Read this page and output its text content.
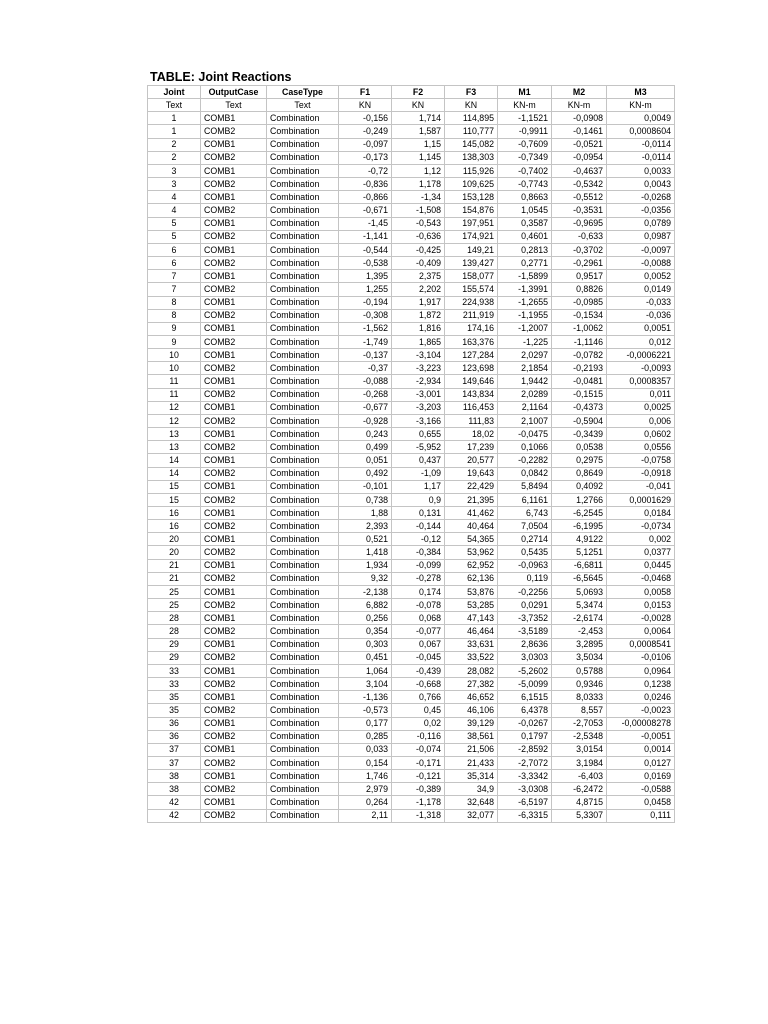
TABLE: Joint Reactions
Joint	OutputCase	CaseType	F1	F2	F3	M1	M2	M3
Text	Text	Text	KN	KN	KN	KN-m	KN-m	KN-m
1	COMB1	Combination	-0,156	1,714	114,895	-1,1521	-0,0908	0,0049
1	COMB2	Combination	-0,249	1,587	110,777	-0,9911	-0,1461	0,0008604
2	COMB1	Combination	-0,097	1,15	145,082	-0,7609	-0,0521	-0,0114
2	COMB2	Combination	-0,173	1,145	138,303	-0,7349	-0,0954	-0,0114
3	COMB1	Combination	-0,72	1,12	115,926	-0,7402	-0,4637	0,0033
3	COMB2	Combination	-0,836	1,178	109,625	-0,7743	-0,5342	0,0043
4	COMB1	Combination	-0,866	-1,34	153,128	0,8663	-0,5512	-0,0268
4	COMB2	Combination	-0,671	-1,508	154,876	1,0545	-0,3531	-0,0356
5	COMB1	Combination	-1,45	-0,543	197,951	0,3587	-0,9695	0,0789
5	COMB2	Combination	-1,141	-0,636	174,921	0,4601	-0,633	0,0987
6	COMB1	Combination	-0,544	-0,425	149,21	0,2813	-0,3702	-0,0097
6	COMB2	Combination	-0,538	-0,409	139,427	0,2771	-0,2961	-0,0088
7	COMB1	Combination	1,395	2,375	158,077	-1,5899	0,9517	0,0052
7	COMB2	Combination	1,255	2,202	155,574	-1,3991	0,8826	0,0149
8	COMB1	Combination	-0,194	1,917	224,938	-1,2655	-0,0985	-0,033
8	COMB2	Combination	-0,308	1,872	211,919	-1,1955	-0,1534	-0,036
9	COMB1	Combination	-1,562	1,816	174,16	-1,2007	-1,0062	0,0051
9	COMB2	Combination	-1,749	1,865	163,376	-1,225	-1,1146	0,012
10	COMB1	Combination	-0,137	-3,104	127,284	2,0297	-0,0782	-0,0006221
10	COMB2	Combination	-0,37	-3,223	123,698	2,1854	-0,2193	-0,0093
11	COMB1	Combination	-0,088	-2,934	149,646	1,9442	-0,0481	0,0008357
11	COMB2	Combination	-0,268	-3,001	143,834	2,0289	-0,1515	0,011
12	COMB1	Combination	-0,677	-3,203	116,453	2,1164	-0,4373	0,0025
12	COMB2	Combination	-0,928	-3,166	111,83	2,1007	-0,5904	0,006
13	COMB1	Combination	0,243	0,655	18,02	-0,0475	-0,3439	0,0602
13	COMB2	Combination	0,499	-5,952	17,239	0,1066	0,0538	0,0556
14	COMB1	Combination	0,051	0,437	20,577	-0,2282	0,2975	-0,0758
14	COMB2	Combination	0,492	-1,09	19,643	0,0842	0,8649	-0,0918
15	COMB1	Combination	-0,101	1,17	22,429	5,8494	0,4092	-0,041
15	COMB2	Combination	0,738	0,9	21,395	6,1161	1,2766	0,0001629
16	COMB1	Combination	1,88	0,131	41,462	6,743	-6,2545	0,0184
16	COMB2	Combination	2,393	-0,144	40,464	7,0504	-6,1995	-0,0734
20	COMB1	Combination	0,521	-0,12	54,365	0,2714	4,9122	0,002
20	COMB2	Combination	1,418	-0,384	53,962	0,5435	5,1251	0,0377
21	COMB1	Combination	1,934	-0,099	62,952	-0,0963	-6,6811	0,0445
21	COMB2	Combination	9,32	-0,278	62,136	0,119	-6,5645	-0,0468
25	COMB1	Combination	-2,138	0,174	53,876	-0,2256	5,0693	0,0058
25	COMB2	Combination	6,882	-0,078	53,285	0,0291	5,3474	0,0153
28	COMB1	Combination	0,256	0,068	47,143	-3,7352	-2,6174	-0,0028
28	COMB2	Combination	0,354	-0,077	46,464	-3,5189	-2,453	0,0064
29	COMB1	Combination	0,303	0,067	33,631	2,8636	3,2895	0,0008541
29	COMB2	Combination	0,451	-0,045	33,522	3,0303	3,5034	-0,0106
33	COMB1	Combination	1,064	-0,439	28,082	-5,2602	0,5788	0,0964
33	COMB2	Combination	3,104	-0,668	27,382	-5,0099	0,9346	0,1238
35	COMB1	Combination	-1,136	0,766	46,652	6,1515	8,0333	0,0246
35	COMB2	Combination	-0,573	0,45	46,106	6,4378	8,557	-0,0023
36	COMB1	Combination	0,177	0,02	39,129	-0,0267	-2,7053	-0,00008278
36	COMB2	Combination	0,285	-0,116	38,561	0,1797	-2,5348	-0,0051
37	COMB1	Combination	0,033	-0,074	21,506	-2,8592	3,0154	0,0014
37	COMB2	Combination	0,154	-0,171	21,433	-2,7072	3,1984	0,0127
38	COMB1	Combination	1,746	-0,121	35,314	-3,3342	-6,403	0,0169
38	COMB2	Combination	2,979	-0,389	34,9	-3,0308	-6,2472	-0,0588
42	COMB1	Combination	0,264	-1,178	32,648	-6,5197	4,8715	0,0458
42	COMB2	Combination	2,11	-1,318	32,077	-6,3315	5,3307	0,111
